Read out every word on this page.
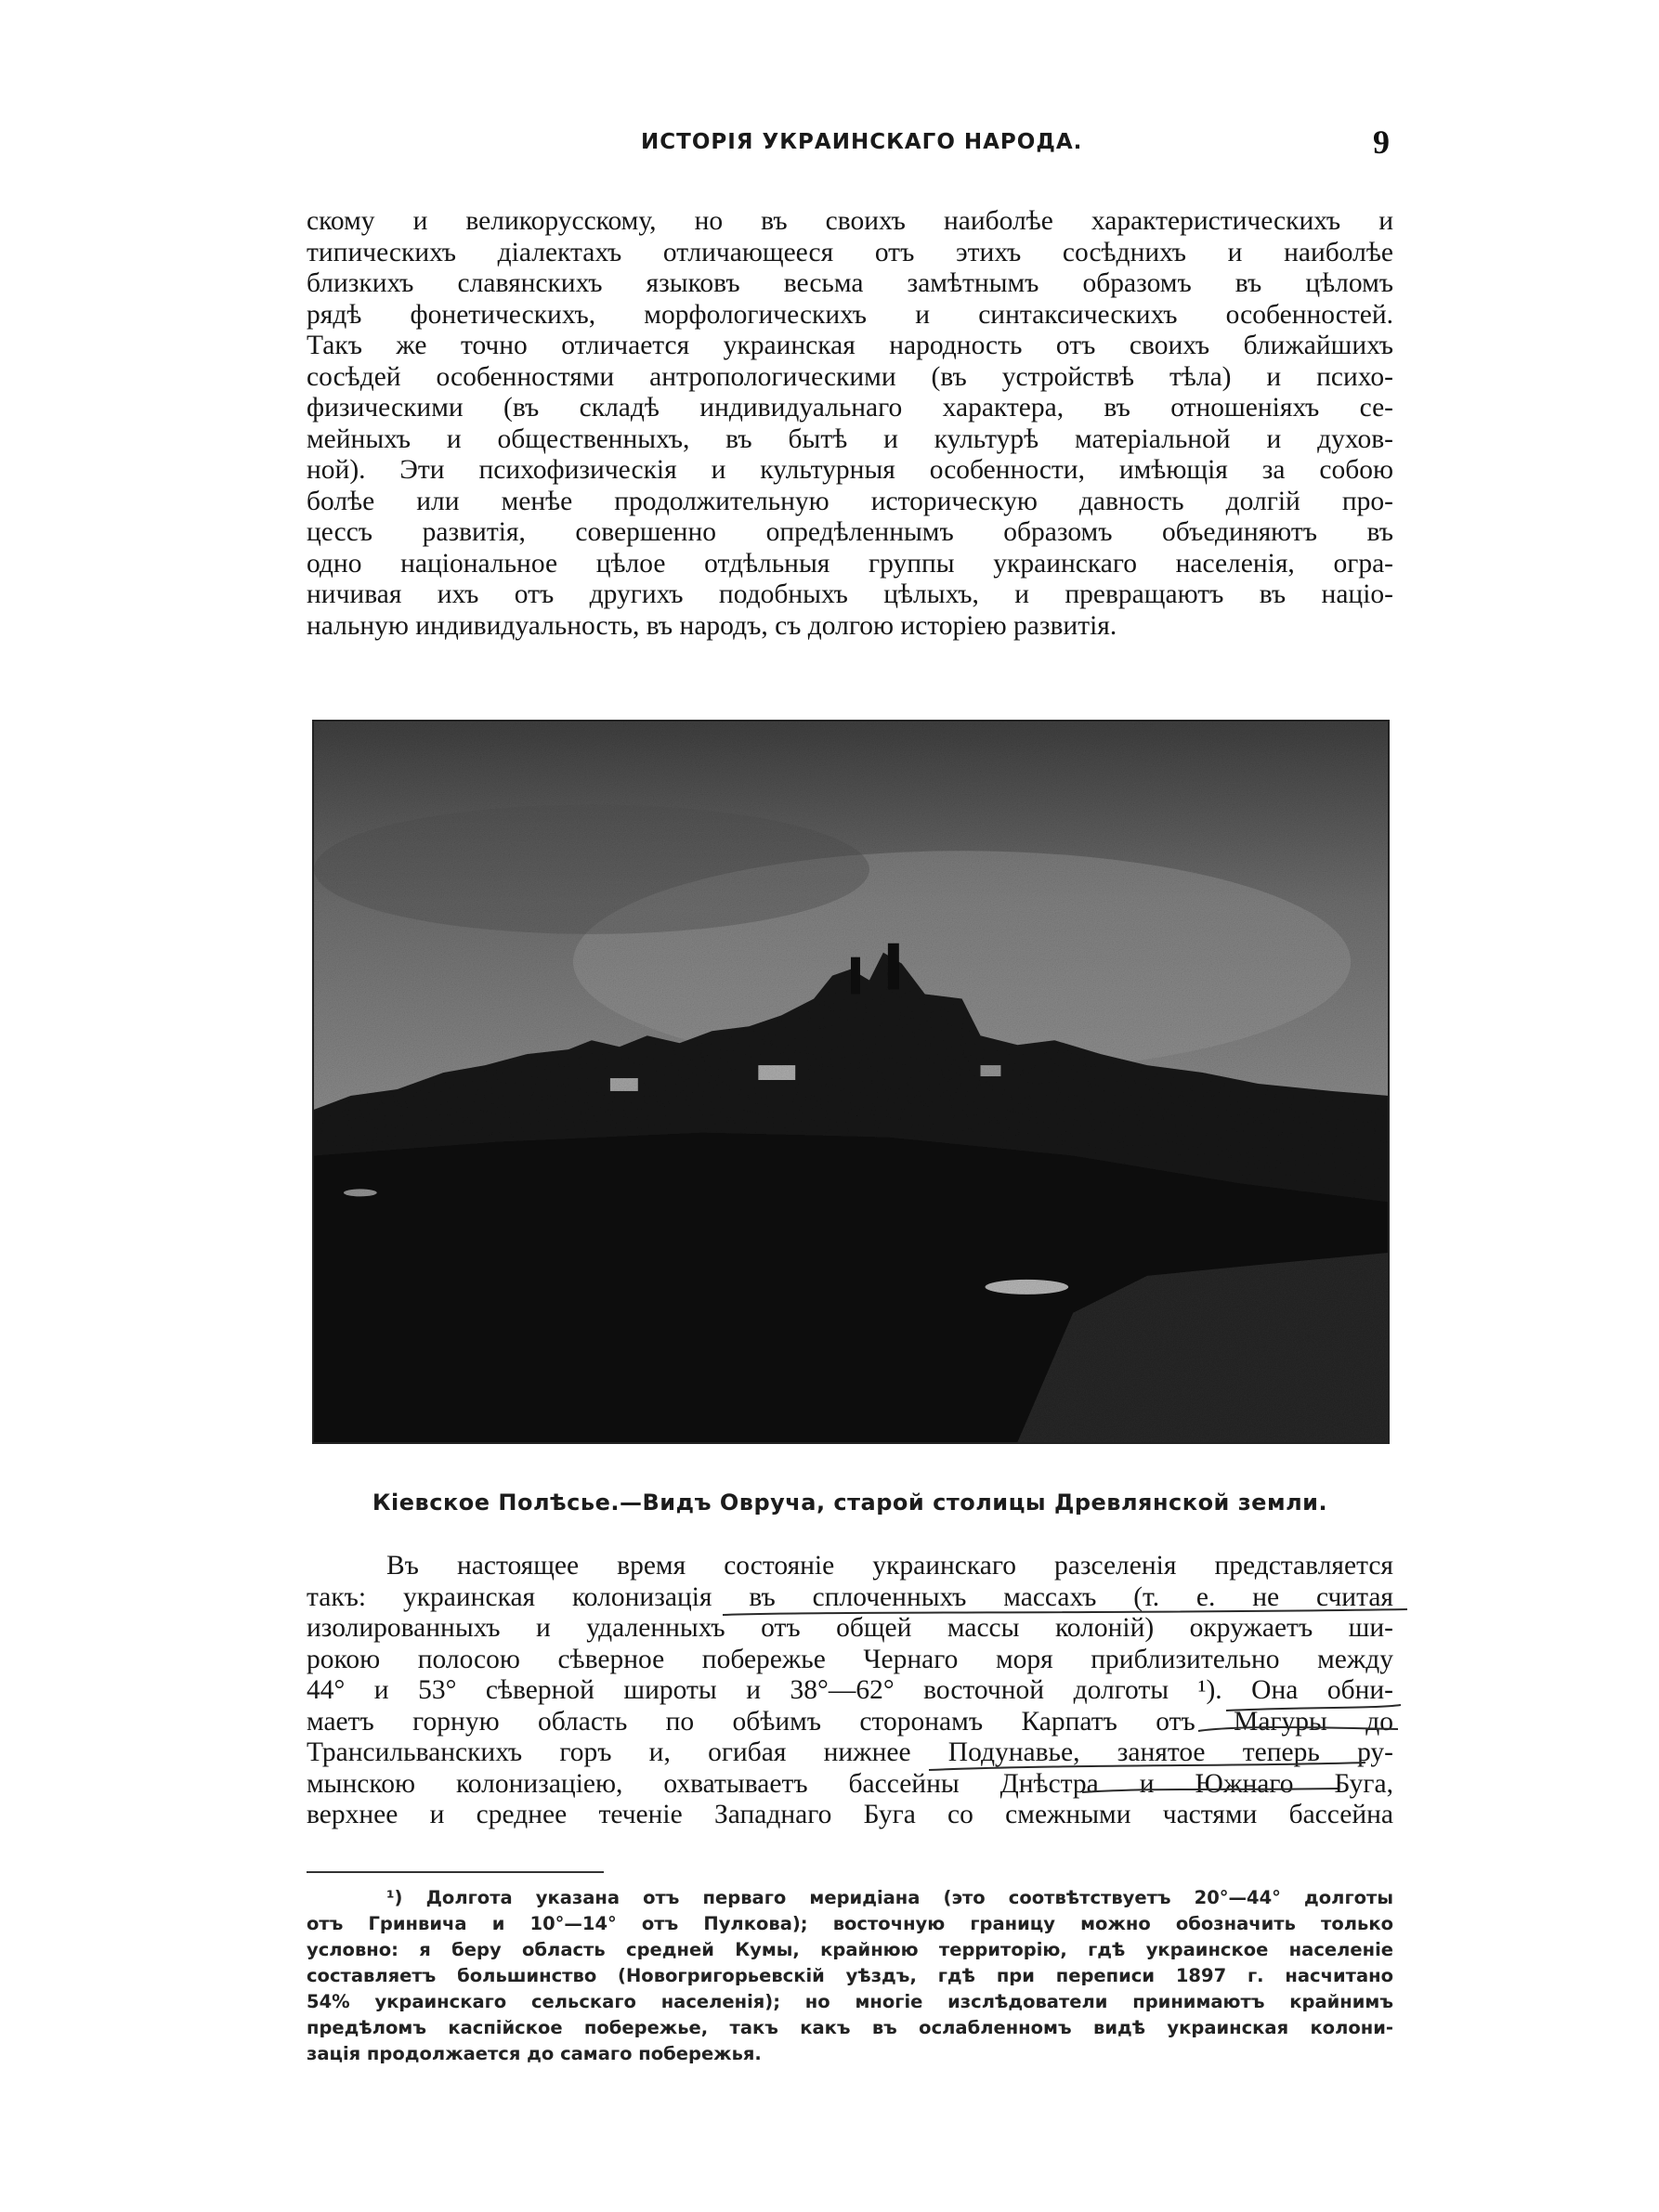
ИСТОРІЯ УКРАИНСКАГО НАРОДА.	9
скому и великорусскому, но въ своихъ наиболѣе характеристическихъ и
типическихъ діалектахъ отличающееся отъ этихъ сосѣднихъ и наиболѣе
близкихъ славянскихъ языковъ весьма замѣтнымъ образомъ въ цѣломъ
рядѣ фонетическихъ, морфологическихъ и синтаксическихъ особенностей.
Такъ же точно отличается украинская народность отъ своихъ ближайшихъ
сосѣдей особенностями антропологическими (въ устройствѣ тѣла) и психо-
физическими (въ складѣ индивидуальнаго характера, въ отношеніяхъ се-
мейныхъ и общественныхъ, въ бытѣ и культурѣ матеріальной и духов-
ной). Эти психофизическія и культурныя особенности, имѣющія за собою
болѣе или менѣе продолжительную историческую давность долгій про-
цессъ развитія, совершенно опредѣленнымъ образомъ объединяютъ въ
одно національное цѣлое отдѣльныя группы украинскаго населенія, огра-
ничивая ихъ отъ другихъ подобныхъ цѣлыхъ, и превращаютъ въ націо-
нальную индивидуальность, въ народъ, съ долгою исторіею развитія.
Кіевское Полѣсье.—Видъ Овруча, старой столицы Древлянской земли.
Въ настоящее время состояніе украинскаго разселенія представляется
такъ: украинская колонизація въ сплоченныхъ массахъ (т. е. не считая
изолированныхъ и удаленныхъ отъ общей массы колоній) окружаетъ ши-
рокою полосою сѣверное побережье Чернаго моря приблизительно между
44° и 53° сѣверной широты и 38°—62° восточной долготы ¹). Она обни-
маетъ горную область по обѣимъ сторонамъ Карпатъ отъ Магуры до
Трансильванскихъ горъ и, огибая нижнее Подунавье, занятое теперь ру-
мынскою колонизаціею, охватываетъ бассейны Днѣстра и Южнаго Буга,
верхнее и среднее теченіе Западнаго Буга со смежными частями бассейна
¹) Долгота указана отъ перваго меридіана (это соотвѣтствуетъ 20°—44° долготы
отъ Гринвича и 10°—14° отъ Пулкова); восточную границу можно обозначить только
условно: я беру область средней Кумы, крайнюю территорію, гдѣ украинское населеніе
составляетъ большинство (Новогригорьевскій уѣздъ, гдѣ при переписи 1897 г. насчитано
54% украинскаго сельскаго населенія); но многіе изслѣдователи принимаютъ крайнимъ
предѣломъ каспійское побережье, такъ какъ въ ослабленномъ видѣ украинская колони-
зація продолжается до самаго побережья.
